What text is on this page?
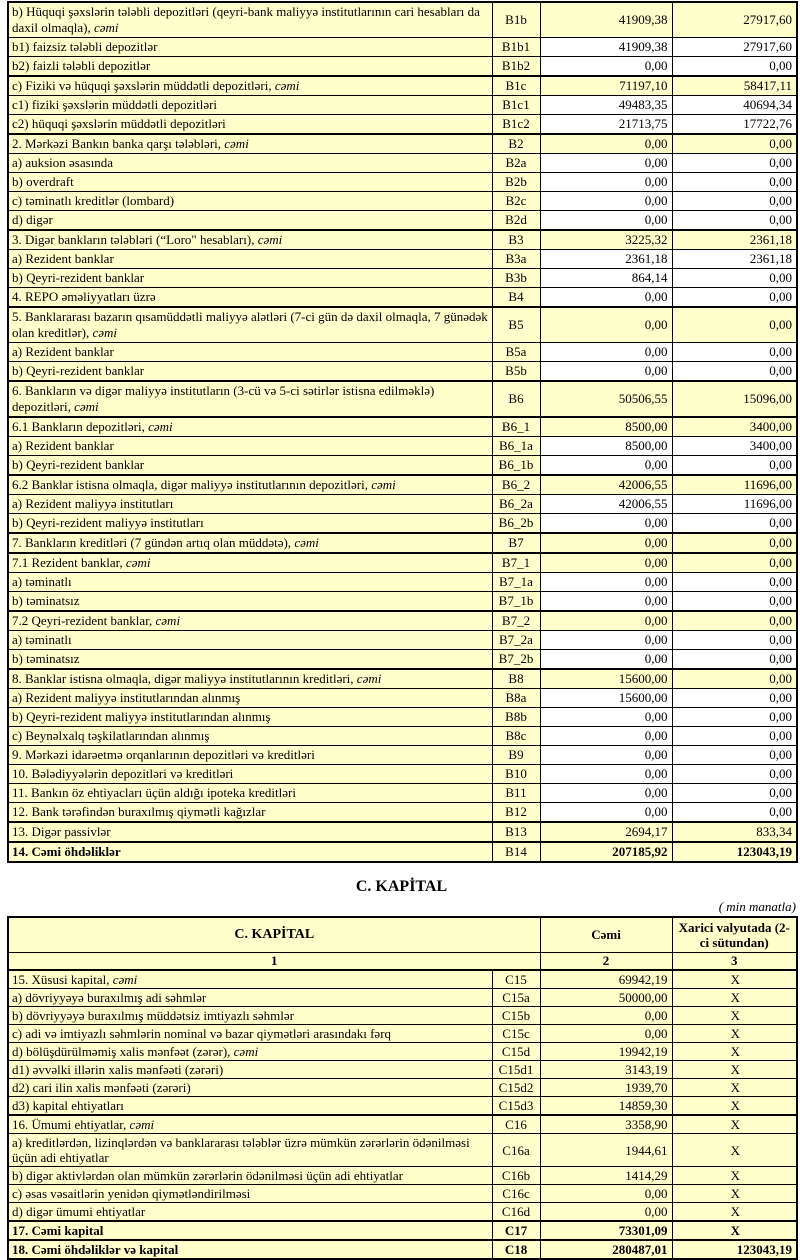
b) Hüquqi şəxslərin tələbli depozitləri (qeyri-bank maliyyə institutlarının cari hesabları da daxil olmaqla), cəmi	B1b	41909,38	27917,60
b1) faizsiz tələbli depozitlər	B1b1	41909,38	27917,60
b2) faizli tələbli depozitlər	B1b2	0,00	0,00
c) Fiziki və hüquqi şəxslərin müddətli depozitləri, cəmi	B1c	71197,10	58417,11
c1) fiziki şəxslərin müddətli depozitləri	B1c1	49483,35	40694,34
c2) hüquqi şəxslərin müddətli depozitləri	B1c2	21713,75	17722,76
2. Mərkəzi Bankın banka qarşı tələbləri, cəmi	B2	0,00	0,00
a) auksion əsasında	B2a	0,00	0,00
b) overdraft	B2b	0,00	0,00
c) təminatlı kreditlər (lombard)	B2c	0,00	0,00
d) digər	B2d	0,00	0,00
3. Digər bankların tələbləri (“Loro" hesabları), cəmi	B3	3225,32	2361,18
a) Rezident banklar	B3a	2361,18	2361,18
b) Qeyri-rezident banklar	B3b	864,14	0,00
4. REPO əməliyyatları üzrə	B4	0,00	0,00
5. Banklararası bazarın qısamüddətli maliyyə alətləri (7-ci gün də daxil olmaqla, 7 günədək olan kreditlər), cəmi	B5	0,00	0,00
a) Rezident banklar	B5a	0,00	0,00
b) Qeyri-rezident banklar	B5b	0,00	0,00
6. Bankların və digər maliyyə institutların (3-cü və 5-ci sətirlər istisna edilməklə) depozitləri, cəmi	B6	50506,55	15096,00
6.1 Bankların depozitləri, cəmi	B6_1	8500,00	3400,00
a) Rezident banklar	B6_1a	8500,00	3400,00
b) Qeyri-rezident banklar	B6_1b	0,00	0,00
6.2 Banklar istisna olmaqla, digər maliyyə institutlarının depozitləri, cəmi	B6_2	42006,55	11696,00
a) Rezident maliyyə institutları	B6_2a	42006,55	11696,00
b) Qeyri-rezident maliyyə institutları	B6_2b	0,00	0,00
7. Bankların kreditləri (7 gündən artıq olan müddətə), cəmi	B7	0,00	0,00
7.1 Rezident banklar, cəmi	B7_1	0,00	0,00
a) təminatlı	B7_1a	0,00	0,00
b) təminatsız	B7_1b	0,00	0,00
7.2 Qeyri-rezident banklar, cəmi	B7_2	0,00	0,00
a) təminatlı	B7_2a	0,00	0,00
b) təminatsız	B7_2b	0,00	0,00
8. Banklar istisna olmaqla, digər maliyyə institutlarının kreditləri, cəmi	B8	15600,00	0,00
a) Rezident maliyyə institutlarından alınmış	B8a	15600,00	0,00
b) Qeyri-rezident maliyyə institutlarından alınmış	B8b	0,00	0,00
c) Beynəlxalq təşkilatlarından alınmış	B8c	0,00	0,00
9. Mərkəzi idarəetmə orqanlarının depozitləri və kreditləri	B9	0,00	0,00
10. Bələdiyyələrin depozitləri və kreditləri	B10	0,00	0,00
11. Bankın öz ehtiyacları üçün aldığı ipoteka kreditləri	B11	0,00	0,00
12. Bank tərəfindən buraxılmış qiymətli kağızlar	B12	0,00	0,00
13. Digər passivlər	B13	2694,17	833,34
14. Cəmi öhdəliklər	B14	207185,92	123043,19
C. KAPİTAL
( min manatla)
C. KAPİTAL		Cəmi	Xarici valyutada (2-ci sütundan)
1		2	3
15. Xüsusi kapital, cəmi	C15	69942,19	X
a) dövriyyəyə buraxılmış adi səhmlər	C15a	50000,00	X
b) dövriyyəyə buraxılmış müddətsiz imtiyazlı səhmlər	C15b	0,00	X
c) adi və imtiyazlı səhmlərin nominal və bazar qiymətləri arasındakı fərq	C15c	0,00	X
d) bölüşdürülməmiş xalis mənfəət (zərər), cəmi	C15d	19942,19	X
d1) əvvəlki illərin xalis mənfəəti (zərəri)	C15d1	3143,19	X
d2) cari ilin xalis mənfəəti (zərəri)	C15d2	1939,70	X
d3) kapital ehtiyatları	C15d3	14859,30	X
16. Ümumi ehtiyatlar, cəmi	C16	3358,90	X
a) kreditlərdən, lizinqlərdən və banklararası tələblər üzrə mümkün zərərlərin ödənilməsi üçün adi ehtiyatlar	C16a	1944,61	X
b) digər aktivlərdən olan mümkün zərərlərin ödənilməsi üçün adi ehtiyatlar	C16b	1414,29	X
c) əsas vəsaitlərin yenidən qiymətləndirilməsi	C16c	0,00	X
d) digər ümumi ehtiyatlar	C16d	0,00	X
17. Cəmi kapital	C17	73301,09	X
18. Cəmi öhdəliklər və kapital	C18	280487,01	123043,19
